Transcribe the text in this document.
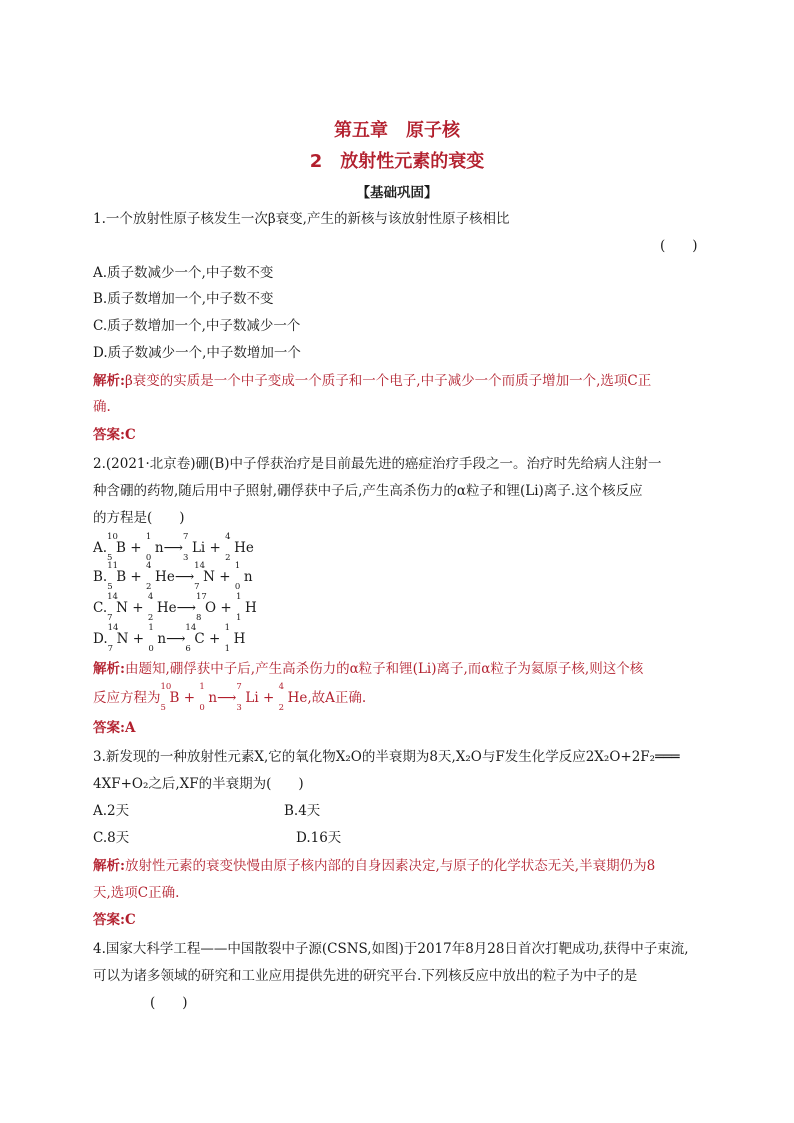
第五章　原子核
2　放射性元素的衰变
【基础巩固】
1.一个放射性原子核发生一次β衰变,产生的新核与该放射性原子核相比
(　　)
A.质子数减少一个,中子数不变
B.质子数增加一个,中子数不变
C.质子数增加一个,中子数减少一个
D.质子数减少一个,中子数增加一个
解析:β衰变的实质是一个中子变成一个质子和一个电子,中子减少一个而质子增加一个,选项C正
确.
答案:C
2.(2021·北京卷)硼(B)中子俘获治疗是目前最先进的癌症治疗手段之一。治疗时先给病人注射一
种含硼的药物,随后用中子照射,硼俘获中子后,产生高杀伤力的α粒子和锂(Li)离子.这个核反应
的方程是(　　)
A.
10
5
B +
1
0
n⟶
7
3
Li +
4
2
He
B.
11
5
B +
4
2
He⟶
14
7
N +
1
0
n
C.
14
7
N +
4
2
He⟶
17
8
O +
1
1
H
D.
14
7
N +
1
0
n⟶
14
6
C +
1
1
H
解析:由题知,硼俘获中子后,产生高杀伤力的α粒子和锂(Li)离子,而α粒子为氦原子核,则这个核
反应方程为
10
5
B +
1
0
n⟶
7
3
Li +
4
2
He,故A正确.
答案:A
3.新发现的一种放射性元素X,它的氧化物X₂O的半衰期为8天,X₂O与F发生化学反应2X₂O+2F₂═══
4XF+O₂之后,XF的半衰期为(　　)
A.2天	B.4天
C.8天	D.16天
解析:放射性元素的衰变快慢由原子核内部的自身因素决定,与原子的化学状态无关,半衰期仍为8
天,选项C正确.
答案:C
4.国家大科学工程——中国散裂中子源(CSNS,如图)于2017年8月28日首次打靶成功,获得中子束流,
可以为诸多领域的研究和工业应用提供先进的研究平台.下列核反应中放出的粒子为中子的是
(　　)
